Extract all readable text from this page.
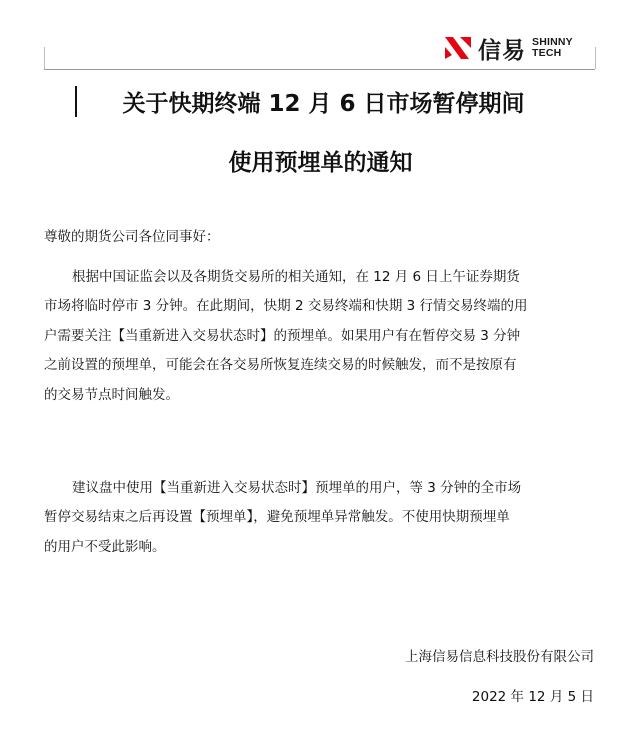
信易 SHINNY
TECH
关于快期终端 12 月 6 日市场暂停期间
使用预埋单的通知
尊敬的期货公司各位同事好：
根据中国证监会以及各期货交易所的相关通知，在 12 月 6 日上午证券期货
市场将临时停市 3 分钟。在此期间，快期 2 交易终端和快期 3 行情交易终端的用
户需要关注【当重新进入交易状态时】的预埋单。如果用户有在暂停交易 3 分钟
之前设置的预埋单，可能会在各交易所恢复连续交易的时候触发，而不是按原有
的交易节点时间触发。
建议盘中使用【当重新进入交易状态时】预埋单的用户，等 3 分钟的全市场
暂停交易结束之后再设置【预埋单】，避免预埋单异常触发。不使用快期预埋单
的用户不受此影响。
上海信易信息科技股份有限公司
2022 年 12 月 5 日
